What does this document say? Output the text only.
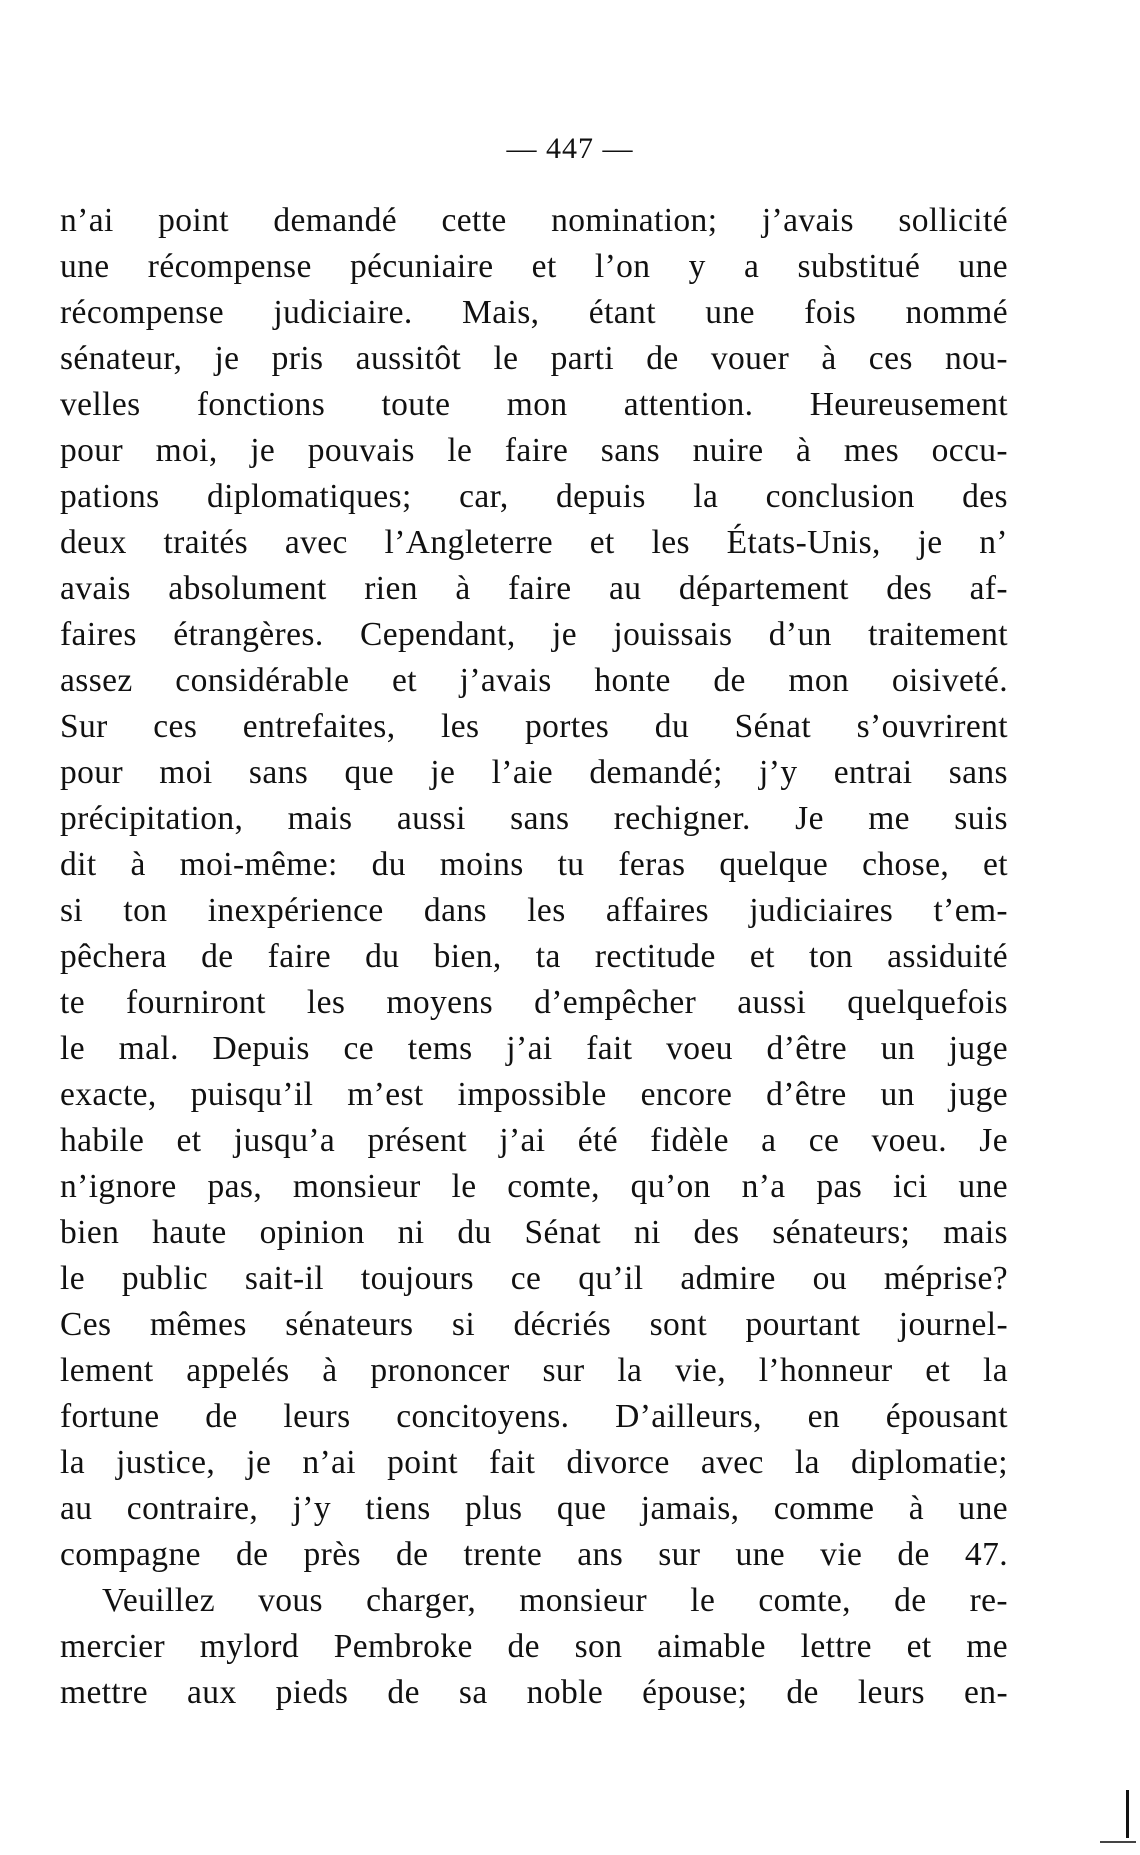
— 447 —
n’ai point demandé cette nomination; j’avais sollicité
une récompense pécuniaire et l’on y a substitué une
récompense judiciaire. Mais, étant une fois nommé
sénateur, je pris aussitôt le parti de vouer à ces nou-
velles fonctions toute mon attention. Heureusement
pour moi, je pouvais le faire sans nuire à mes occu-
pations diplomatiques; car, depuis la conclusion des
deux traités avec l’Angleterre et les États-Unis, je n’
avais absolument rien à faire au département des af-
faires étrangères. Cependant, je jouissais d’un traitement
assez considérable et j’avais honte de mon oisiveté.
Sur ces entrefaites, les portes du Sénat s’ouvrirent
pour moi sans que je l’aie demandé; j’y entrai sans
précipitation, mais aussi sans rechigner. Je me suis
dit à moi-même: du moins tu feras quelque chose, et
si ton inexpérience dans les affaires judiciaires t’em-
pêchera de faire du bien, ta rectitude et ton assiduité
te fourniront les moyens d’empêcher aussi quelquefois
le mal. Depuis ce tems j’ai fait voeu d’être un juge
exacte, puisqu’il m’est impossible encore d’être un juge
habile et jusqu’a présent j’ai été fidèle a ce voeu. Je
n’ignore pas, monsieur le comte, qu’on n’a pas ici une
bien haute opinion ni du Sénat ni des sénateurs; mais
le public sait-il toujours ce qu’il admire ou méprise?
Ces mêmes sénateurs si décriés sont pourtant journel-
lement appelés à prononcer sur la vie, l’honneur et la
fortune de leurs concitoyens. D’ailleurs, en épousant
la justice, je n’ai point fait divorce avec la diplomatie;
au contraire, j’y tiens plus que jamais, comme à une
compagne de près de trente ans sur une vie de 47.
Veuillez vous charger, monsieur le comte, de re-
mercier mylord Pembroke de son aimable lettre et me
mettre aux pieds de sa noble épouse; de leurs en-
